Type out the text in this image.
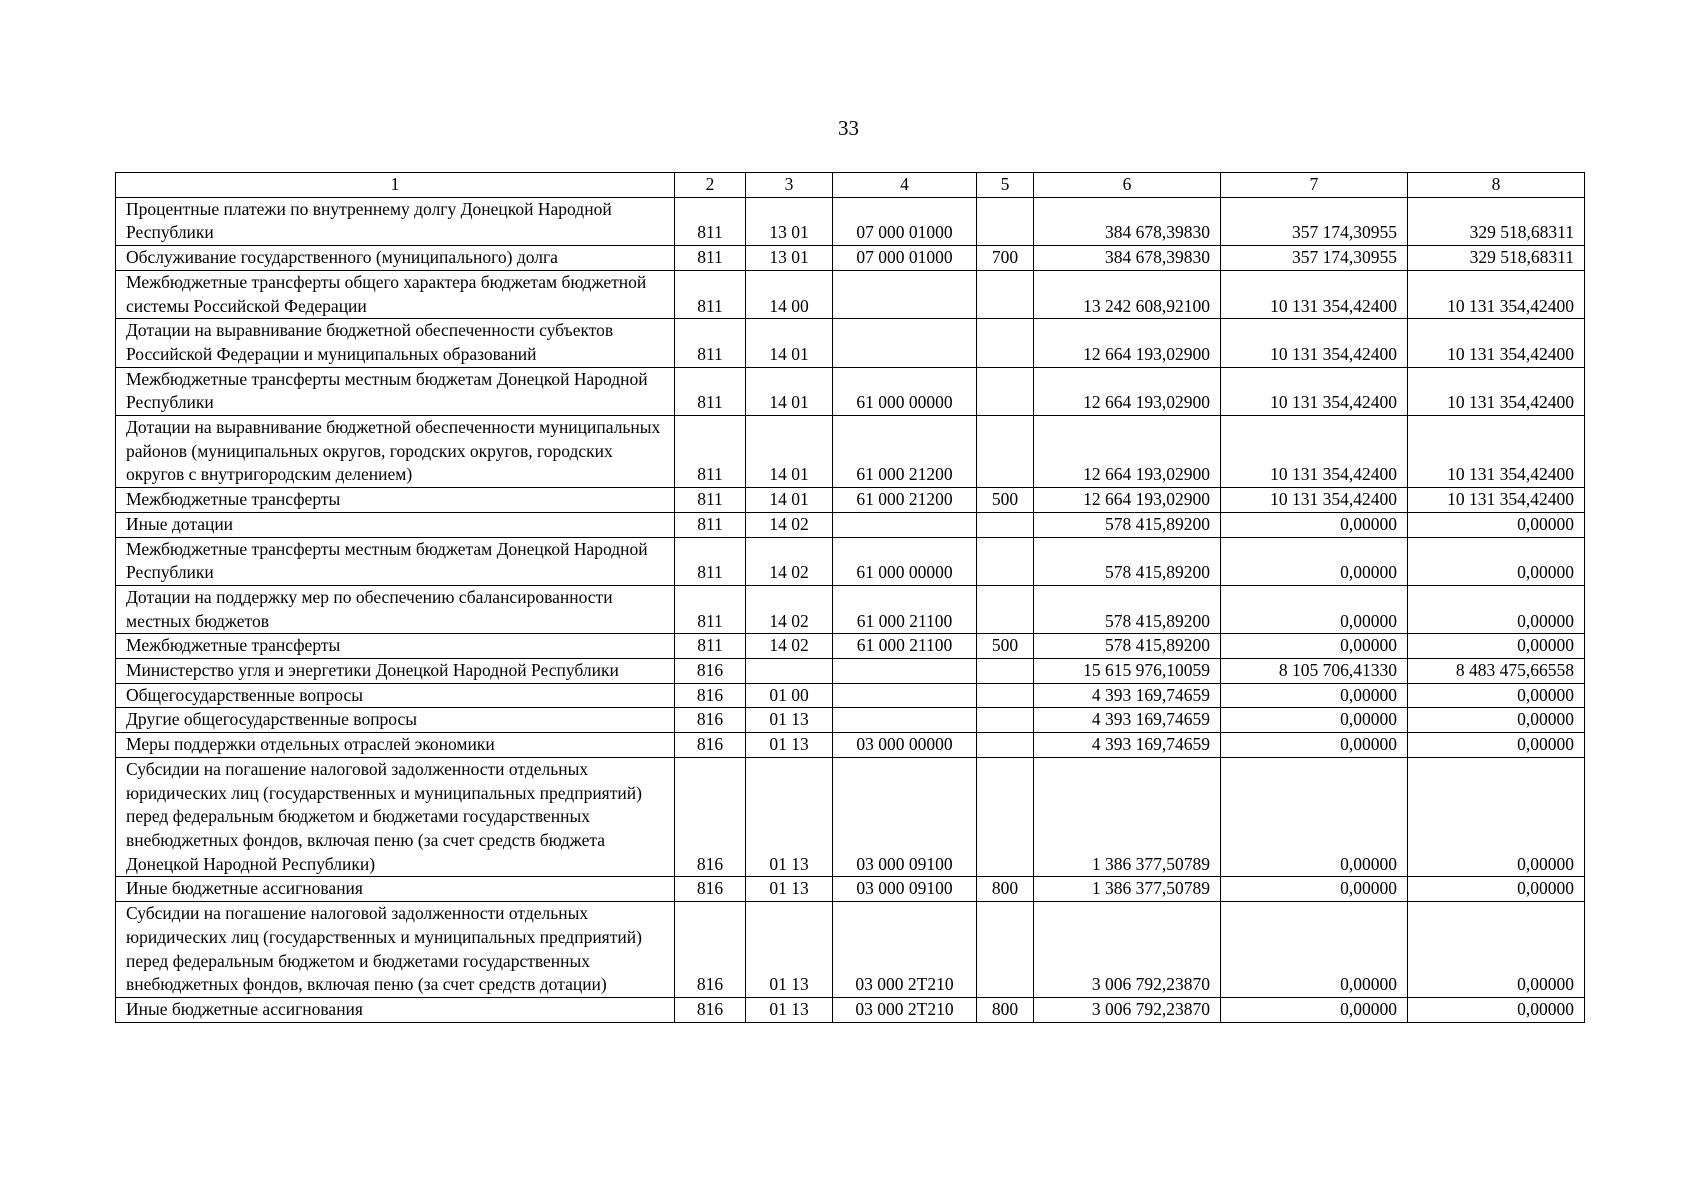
33
1	2	3	4	5	6	7	8
Процентные платежи по внутреннему долгу Донецкой Народной Республики	811	13 01	07 000 01000		384 678,39830	357 174,30955	329 518,68311
Обслуживание государственного (муниципального) долга	811	13 01	07 000 01000	700	384 678,39830	357 174,30955	329 518,68311
Межбюджетные трансферты общего характера бюджетам бюджетной системы Российской Федерации	811	14 00			13 242 608,92100	10 131 354,42400	10 131 354,42400
Дотации на выравнивание бюджетной обеспеченности субъектов Российской Федерации и муниципальных образований	811	14 01			12 664 193,02900	10 131 354,42400	10 131 354,42400
Межбюджетные трансферты местным бюджетам Донецкой Народной Республики	811	14 01	61 000 00000		12 664 193,02900	10 131 354,42400	10 131 354,42400
Дотации на выравнивание бюджетной обеспеченности муниципальных районов (муниципальных округов, городских округов, городских округов с внутригородским делением)	811	14 01	61 000 21200		12 664 193,02900	10 131 354,42400	10 131 354,42400
Межбюджетные трансферты	811	14 01	61 000 21200	500	12 664 193,02900	10 131 354,42400	10 131 354,42400
Иные дотации	811	14 02			578 415,89200	0,00000	0,00000
Межбюджетные трансферты местным бюджетам Донецкой Народной Республики	811	14 02	61 000 00000		578 415,89200	0,00000	0,00000
Дотации на поддержку мер по обеспечению сбалансированности местных бюджетов	811	14 02	61 000 21100		578 415,89200	0,00000	0,00000
Межбюджетные трансферты	811	14 02	61 000 21100	500	578 415,89200	0,00000	0,00000
Министерство угля и энергетики Донецкой Народной Республики	816				15 615 976,10059	8 105 706,41330	8 483 475,66558
Общегосударственные вопросы	816	01 00			4 393 169,74659	0,00000	0,00000
Другие общегосударственные вопросы	816	01 13			4 393 169,74659	0,00000	0,00000
Меры поддержки отдельных отраслей экономики	816	01 13	03 000 00000		4 393 169,74659	0,00000	0,00000
Субсидии на погашение налоговой задолженности отдельных юридических лиц (государственных и муниципальных предприятий) перед федеральным бюджетом и бюджетами государственных внебюджетных фондов, включая пеню (за счет средств бюджета Донецкой Народной Республики)	816	01 13	03 000 09100		1 386 377,50789	0,00000	0,00000
Иные бюджетные ассигнования	816	01 13	03 000 09100	800	1 386 377,50789	0,00000	0,00000
Субсидии на погашение налоговой задолженности отдельных юридических лиц (государственных и муниципальных предприятий) перед федеральным бюджетом и бюджетами государственных внебюджетных фондов, включая пеню (за счет средств дотации)	816	01 13	03 000 2Т210		3 006 792,23870	0,00000	0,00000
Иные бюджетные ассигнования	816	01 13	03 000 2Т210	800	3 006 792,23870	0,00000	0,00000
